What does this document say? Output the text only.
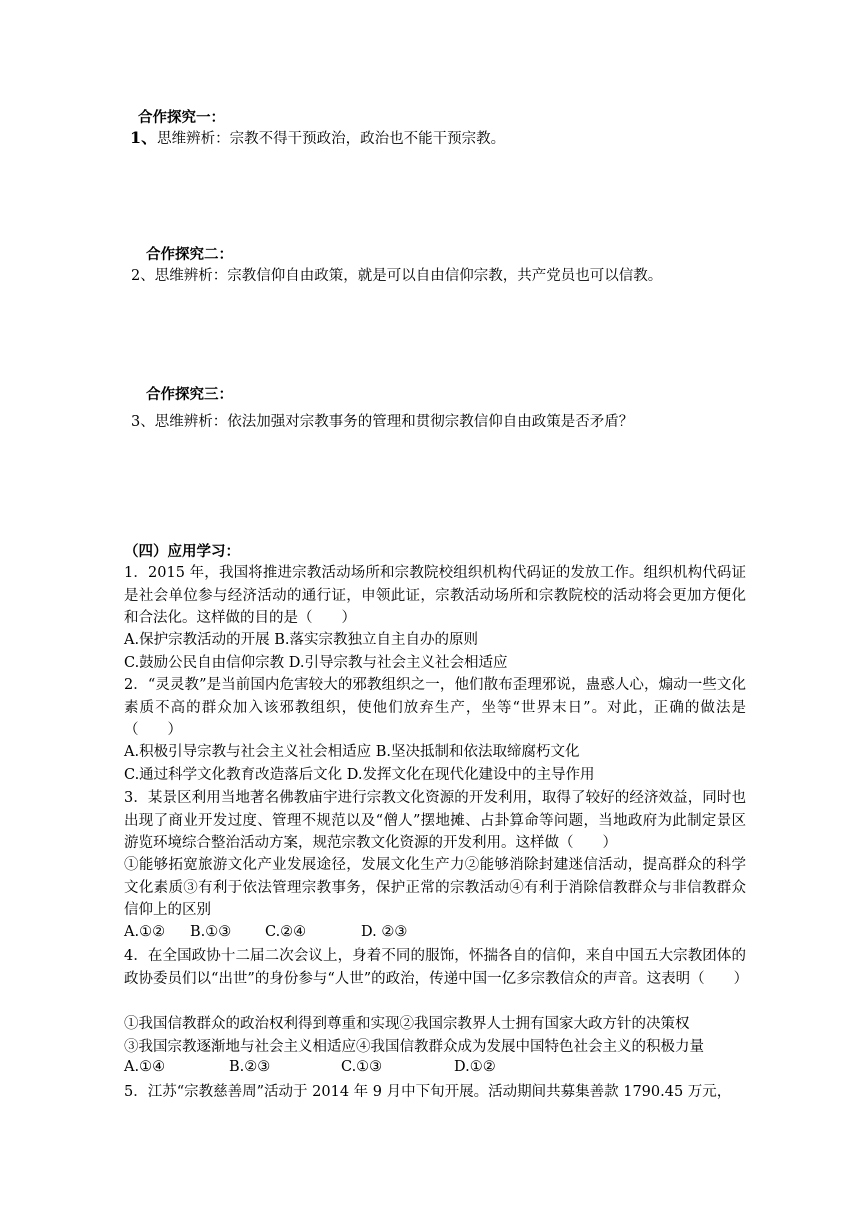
合作探究一：
1、思维辨析：宗教不得干预政治，政治也不能干预宗教。
合作探究二：
2、思维辨析：宗教信仰自由政策，就是可以自由信仰宗教，共产党员也可以信教。
合作探究三：
3、思维辨析：依法加强对宗教事务的管理和贯彻宗教信仰自由政策是否矛盾？
（四）应用学习：
1．2015 年，我国将推进宗教活动场所和宗教院校组织机构代码证的发放工作。组织机构代码证是社会单位参与经济活动的通行证，申领此证，宗教活动场所和宗教院校的活动将会更加方便化和合法化。这样做的目的是（　　）
A.保护宗教活动的开展 B.落实宗教独立自主自办的原则
C.鼓励公民自由信仰宗教 D.引导宗教与社会主义社会相适应
2．“灵灵教”是当前国内危害较大的邪教组织之一，他们散布歪理邪说，蛊惑人心，煽动一些文化素质不高的群众加入该邪教组织，使他们放弃生产，坐等“世界末日”。对此，正确的做法是（　　）
A.积极引导宗教与社会主义社会相适应 B.坚决抵制和依法取缔腐朽文化
C.通过科学文化教育改造落后文化 D.发挥文化在现代化建设中的主导作用
3．某景区利用当地著名佛教庙宇进行宗教文化资源的开发利用，取得了较好的经济效益，同时也出现了商业开发过度、管理不规范以及“僧人”摆地摊、占卦算命等问题，当地政府为此制定景区游览环境综合整治活动方案，规范宗教文化资源的开发利用。这样做（　　）
①能够拓宽旅游文化产业发展途径，发展文化生产力②能够消除封建迷信活动，提高群众的科学文化素质③有利于依法管理宗教事务，保护正常的宗教活动④有利于消除信教群众与非信教群众信仰上的区别
A.①② B.①③ C.②④	D. ②③
4．在全国政协十二届二次会议上，身着不同的服饰，怀揣各自的信仰，来自中国五大宗教团体的政协委员们以“出世”的身份参与“人世”的政治，传递中国一亿多宗教信众的声音。这表明（　　）
①我国信教群众的政治权利得到尊重和实现②我国宗教界人士拥有国家大政方针的决策权
③我国宗教逐渐地与社会主义相适应④我国信教群众成为发展中国特色社会主义的积极力量
A.①④	B.②③	C.①③	D.①②
5．江苏“宗教慈善周”活动于 2014 年 9 月中下旬开展。活动期间共募集善款 1790.45 万元，
